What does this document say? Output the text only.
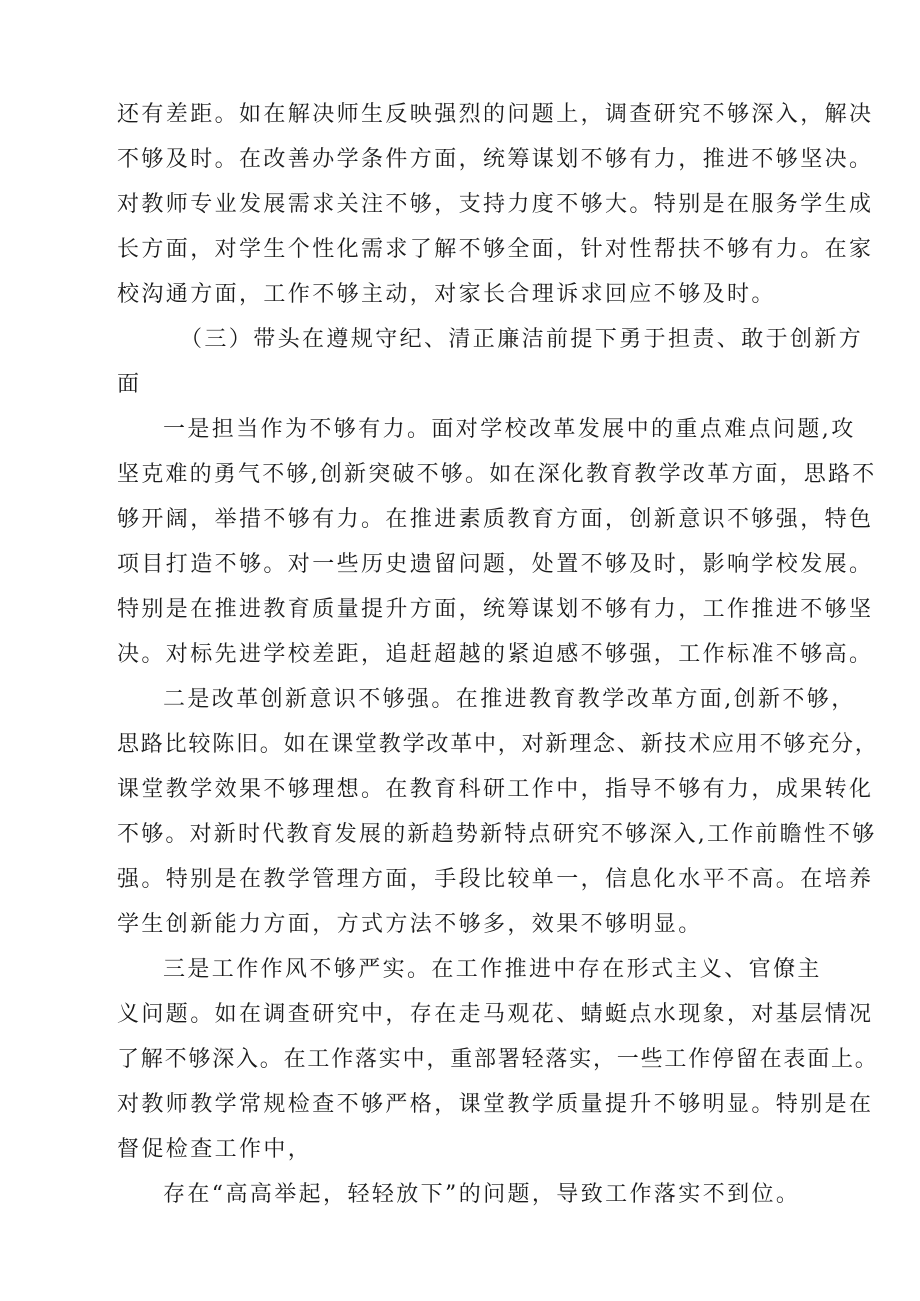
还有差距。如在解决师生反映强烈的问题上，调查研究不够深入，解决
不够及时。在改善办学条件方面，统筹谋划不够有力，推进不够坚决。
对教师专业发展需求关注不够，支持力度不够大。特别是在服务学生成
长方面，对学生个性化需求了解不够全面，针对性帮扶不够有力。在家
校沟通方面，工作不够主动，对家长合理诉求回应不够及时。
（三）带头在遵规守纪、清正廉洁前提下勇于担责、敢于创新方
面
一是担当作为不够有力。面对学校改革发展中的重点难点问题,攻
坚克难的勇气不够,创新突破不够。如在深化教育教学改革方面，思路不
够开阔，举措不够有力。在推进素质教育方面，创新意识不够强，特色
项目打造不够。对一些历史遗留问题，处置不够及时，影响学校发展。
特别是在推进教育质量提升方面，统筹谋划不够有力，工作推进不够坚
决。对标先进学校差距，追赶超越的紧迫感不够强，工作标准不够高。
二是改革创新意识不够强。在推进教育教学改革方面,创新不够，
思路比较陈旧。如在课堂教学改革中，对新理念、新技术应用不够充分，
课堂教学效果不够理想。在教育科研工作中，指导不够有力，成果转化
不够。对新时代教育发展的新趋势新特点研究不够深入,工作前瞻性不够
强。特别是在教学管理方面，手段比较单一，信息化水平不高。在培养
学生创新能力方面，方式方法不够多，效果不够明显。
三是工作作风不够严实。在工作推进中存在形式主义、官僚主
义问题。如在调查研究中，存在走马观花、蜻蜓点水现象，对基层情况
了解不够深入。在工作落实中，重部署轻落实，一些工作停留在表面上。
对教师教学常规检查不够严格，课堂教学质量提升不够明显。特别是在
督促检查工作中，
存在“高高举起，轻轻放下”的问题，导致工作落实不到位。
